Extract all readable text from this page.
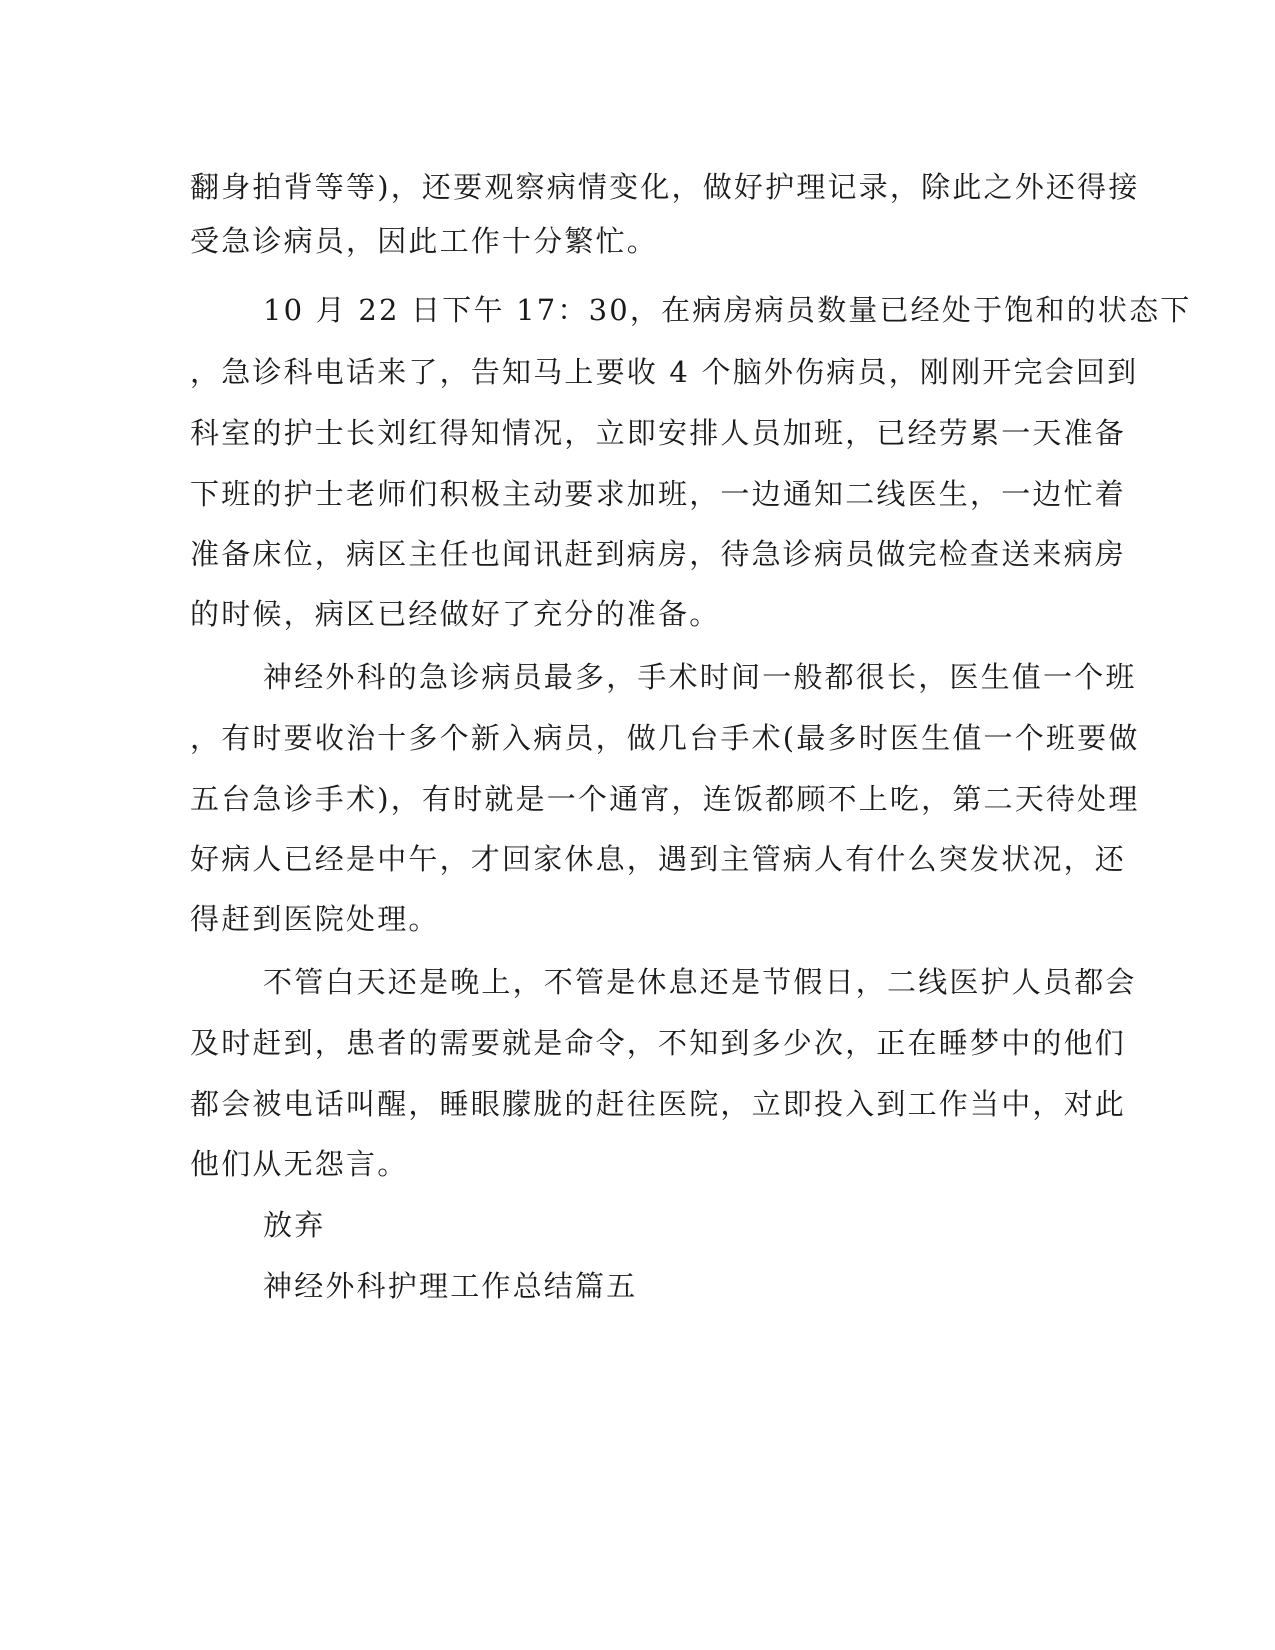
翻身拍背等等)，还要观察病情变化，做好护理记录，除此之外还得接
受急诊病员，因此工作十分繁忙。
10 月 22 日下午 17：30，在病房病员数量已经处于饱和的状态下
，急诊科电话来了，告知马上要收 4 个脑外伤病员，刚刚开完会回到
科室的护士长刘红得知情况，立即安排人员加班，已经劳累一天准备
下班的护士老师们积极主动要求加班，一边通知二线医生，一边忙着
准备床位，病区主任也闻讯赶到病房，待急诊病员做完检查送来病房
的时候，病区已经做好了充分的准备。
神经外科的急诊病员最多，手术时间一般都很长，医生值一个班
，有时要收治十多个新入病员，做几台手术(最多时医生值一个班要做
五台急诊手术)，有时就是一个通宵，连饭都顾不上吃，第二天待处理
好病人已经是中午，才回家休息，遇到主管病人有什么突发状况，还
得赶到医院处理。
不管白天还是晚上，不管是休息还是节假日，二线医护人员都会
及时赶到，患者的需要就是命令，不知到多少次，正在睡梦中的他们
都会被电话叫醒，睡眼朦胧的赶往医院，立即投入到工作当中，对此
他们从无怨言。
放弃
神经外科护理工作总结篇五
